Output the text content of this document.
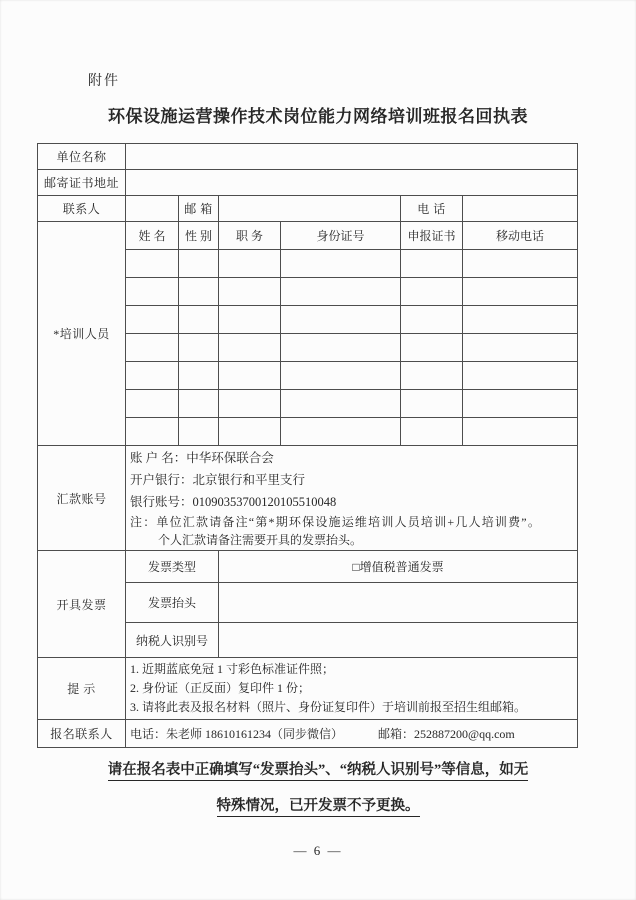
附件
环保设施运营操作技术岗位能力网络培训班报名回执表
单位名称						
邮寄证书地址						
联系人		邮 箱			电 话	
*培训人员	姓 名	性 别	职 务	身份证号	申报证书	移动电话

汇款账号	账 户 名：中华环保联合会
开户银行：北京银行和平里支行
银行账号：01090353700120105510048
注：单位汇款请备注“第*期环保设施运维培训人员培训+几人培训费”。
个人汇款请备注需要开具的发票抬头。					

开具发票	发票类型		□增值税普通发票			
	发票抬头					
	纳税人识别号					
提 示	1. 近期蓝底免冠 1 寸彩色标准证件照；
2. 身份证（正反面）复印件 1 份；
3. 请将此表及报名材料（照片、身份证复印件）于培训前报至招生组邮箱。					

报名联系人	电话：朱老师 18610161234（同步微信） 邮箱：252887200@qq.com					
请在报名表中正确填写“发票抬头”、“纳税人识别号”等信息，如无
特殊情况，已开发票不予更换。
— 6 —
